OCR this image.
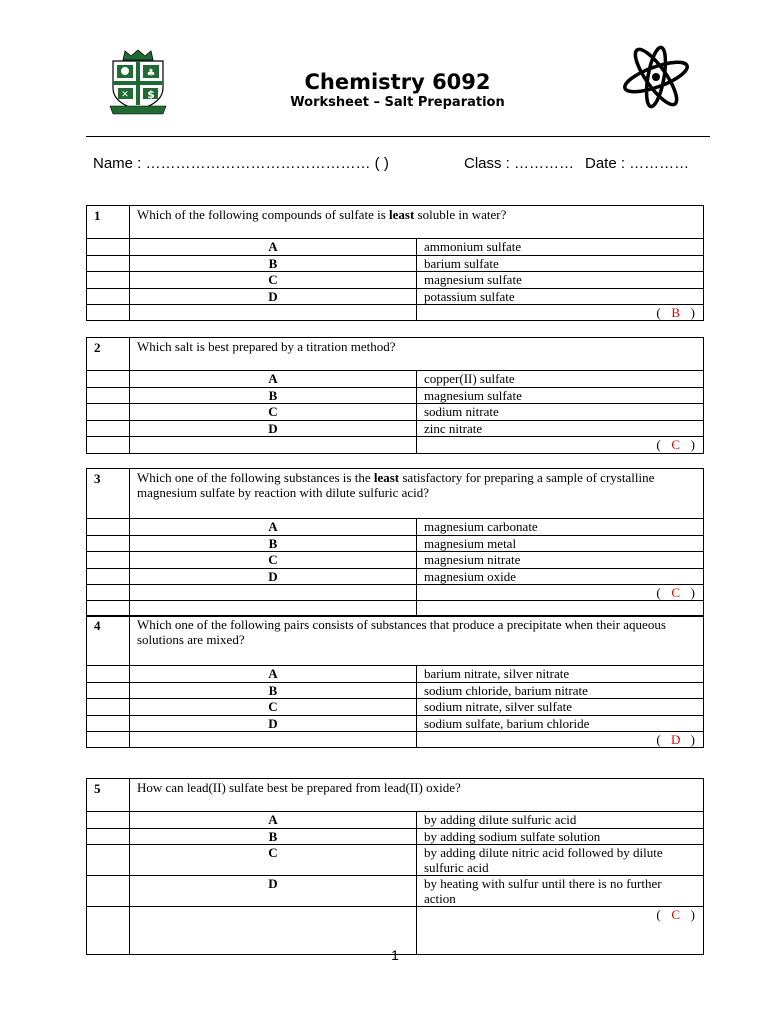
♣
✕ $
Chemistry 6092
Worksheet – Salt Preparation
Name : ……………………………………… ( )	Class : ………… Date : …………
1	Which of the following compounds of sulfate is least soluble in water?	
	A	ammonium sulfate
	B	barium sulfate
	C	magnesium sulfate
	D	potassium sulfate
		( B )
2	Which salt is best prepared by a titration method?	
	A	copper(II) sulfate
	B	magnesium sulfate
	C	sodium nitrate
	D	zinc nitrate
		( C )
3	Which one of the following substances is the least satisfactory for preparing a sample of crystalline magnesium sulfate by reaction with dilute sulfuric acid?	
	A	magnesium carbonate
	B	magnesium metal
	C	magnesium nitrate
	D	magnesium oxide
		( C )

4	Which one of the following pairs consists of substances that produce a precipitate when their aqueous solutions are mixed?	
	A	barium nitrate, silver nitrate
	B	sodium chloride, barium nitrate
	C	sodium nitrate, silver sulfate
	D	sodium sulfate, barium chloride
		( D )
5	How can lead(II) sulfate best be prepared from lead(II) oxide?	
	A	by adding dilute sulfuric acid
	B	by adding sodium sulfate solution
	C	by adding dilute nitric acid followed by dilute sulfuric acid
	D	by heating with sulfur until there is no further action
		( C )
1
